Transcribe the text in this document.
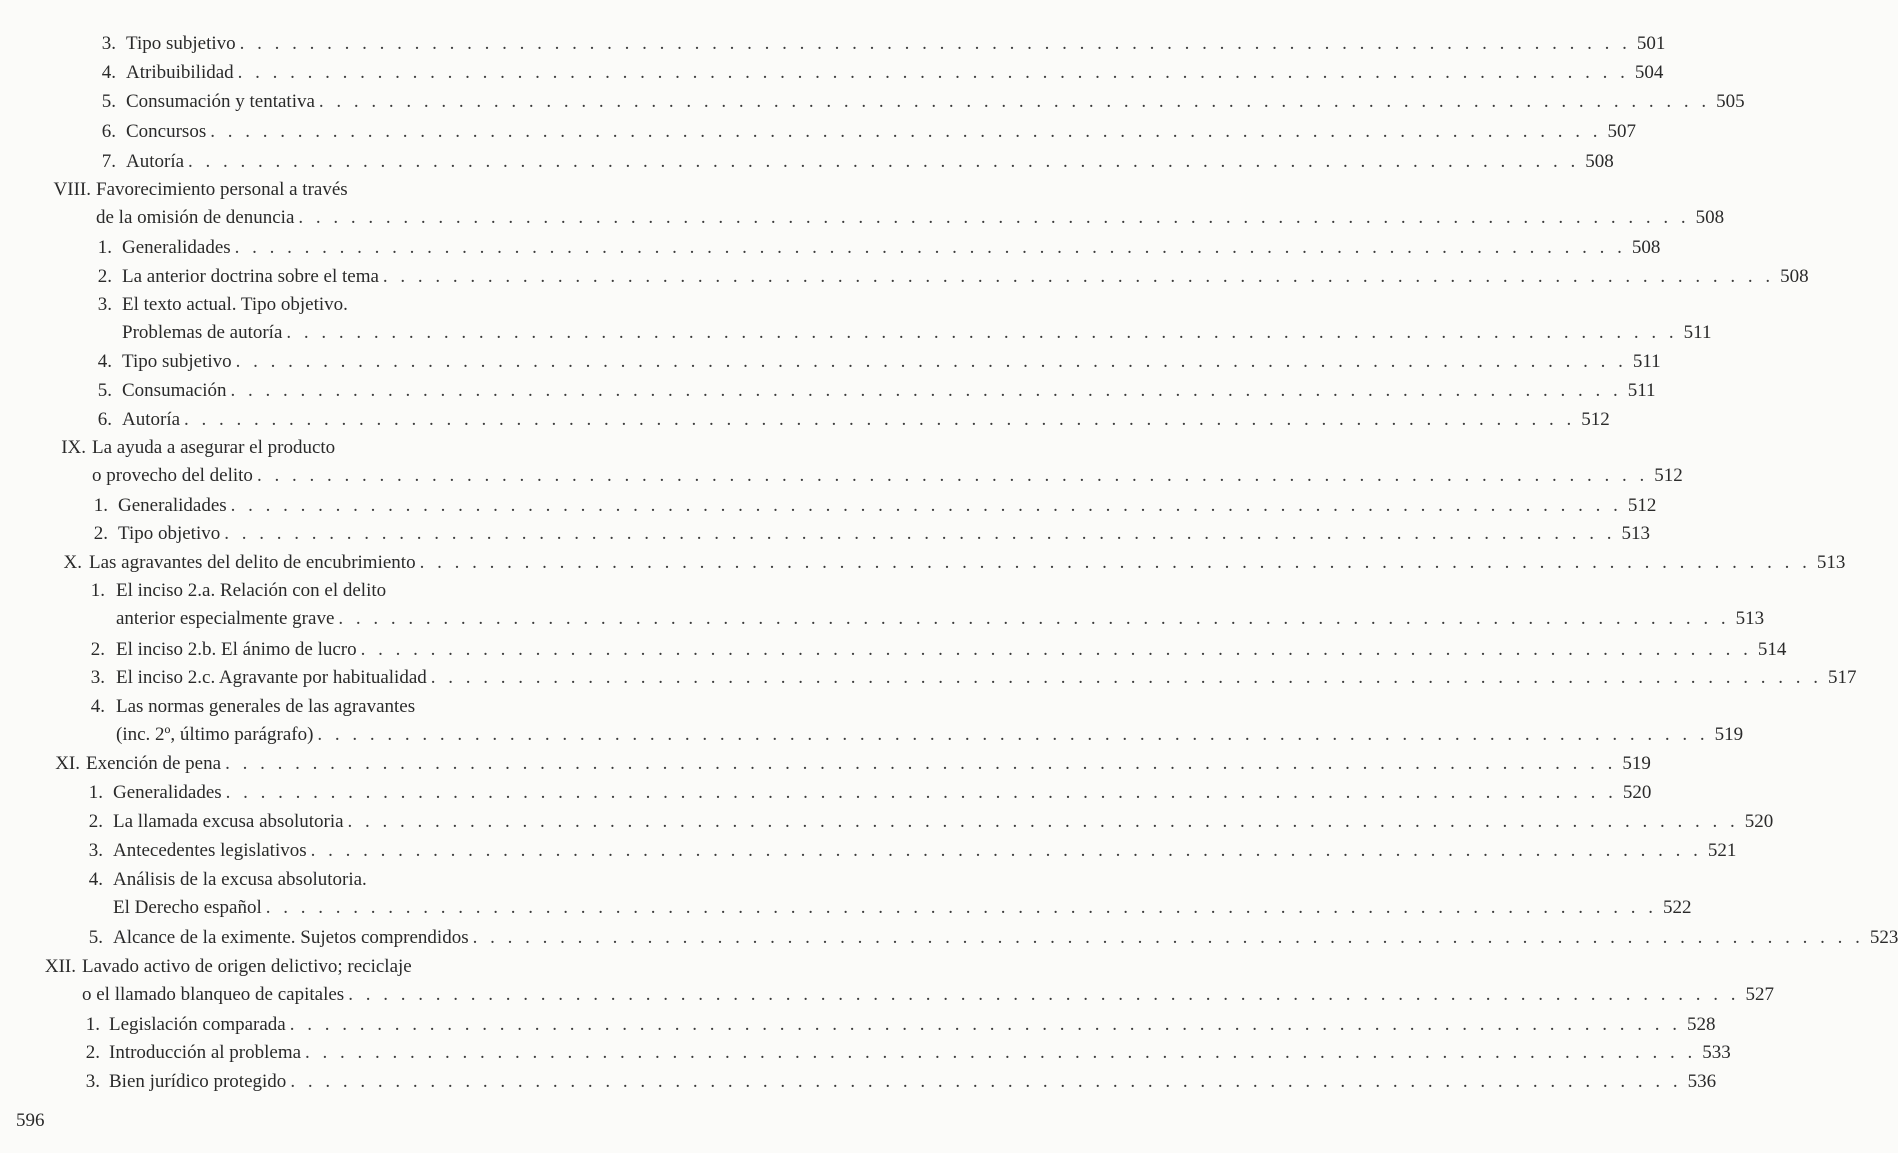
3. Tipo subjetivo . . . . . . . . . . . . . . . . . . . . . . . . . . . . . . . . . . . . . . . . . . . . . . . . . . . . . . . . . . . . . . . . . . . . . . . . . . . . . . . . 501
4. Atribuibilidad . . . . . . . . . . . . . . . . . . . . . . . . . . . . . . . . . . . . . . . . . . . . . . . . . . . . . . . . . . . . . . . . . . . . . . . . . . . . . . . . 504
5. Consumación y tentativa . . . . . . . . . . . . . . . . . . . . . . . . . . . . . . . . . . . . . . . . . . . . . . . . . . . . . . . . . . . . . . . . . . . . . . . . . . . . . . . . 505
6. Concursos . . . . . . . . . . . . . . . . . . . . . . . . . . . . . . . . . . . . . . . . . . . . . . . . . . . . . . . . . . . . . . . . . . . . . . . . . . . . . . . . 507
7. Autoría . . . . . . . . . . . . . . . . . . . . . . . . . . . . . . . . . . . . . . . . . . . . . . . . . . . . . . . . . . . . . . . . . . . . . . . . . . . . . . . . 508
VIII. Favorecimiento personal a través
de la omisión de denuncia . . . . . . . . . . . . . . . . . . . . . . . . . . . . . . . . . . . . . . . . . . . . . . . . . . . . . . . . . . . . . . . . . . . . . . . . . . . . . . . . 508
1. Generalidades . . . . . . . . . . . . . . . . . . . . . . . . . . . . . . . . . . . . . . . . . . . . . . . . . . . . . . . . . . . . . . . . . . . . . . . . . . . . . . . . 508
2. La anterior doctrina sobre el tema . . . . . . . . . . . . . . . . . . . . . . . . . . . . . . . . . . . . . . . . . . . . . . . . . . . . . . . . . . . . . . . . . . . . . . . . . . . . . . . . 508
3. El texto actual. Tipo objetivo.
Problemas de autoría . . . . . . . . . . . . . . . . . . . . . . . . . . . . . . . . . . . . . . . . . . . . . . . . . . . . . . . . . . . . . . . . . . . . . . . . . . . . . . . . 511
4. Tipo subjetivo . . . . . . . . . . . . . . . . . . . . . . . . . . . . . . . . . . . . . . . . . . . . . . . . . . . . . . . . . . . . . . . . . . . . . . . . . . . . . . . . 511
5. Consumación . . . . . . . . . . . . . . . . . . . . . . . . . . . . . . . . . . . . . . . . . . . . . . . . . . . . . . . . . . . . . . . . . . . . . . . . . . . . . . . . 511
6. Autoría . . . . . . . . . . . . . . . . . . . . . . . . . . . . . . . . . . . . . . . . . . . . . . . . . . . . . . . . . . . . . . . . . . . . . . . . . . . . . . . . 512
IX. La ayuda a asegurar el producto
o provecho del delito . . . . . . . . . . . . . . . . . . . . . . . . . . . . . . . . . . . . . . . . . . . . . . . . . . . . . . . . . . . . . . . . . . . . . . . . . . . . . . . . 512
1. Generalidades . . . . . . . . . . . . . . . . . . . . . . . . . . . . . . . . . . . . . . . . . . . . . . . . . . . . . . . . . . . . . . . . . . . . . . . . . . . . . . . . 512
2. Tipo objetivo . . . . . . . . . . . . . . . . . . . . . . . . . . . . . . . . . . . . . . . . . . . . . . . . . . . . . . . . . . . . . . . . . . . . . . . . . . . . . . . . 513
X. Las agravantes del delito de encubrimiento . . . . . . . . . . . . . . . . . . . . . . . . . . . . . . . . . . . . . . . . . . . . . . . . . . . . . . . . . . . . . . . . . . . . . . . . . . . . . . . . 513
1. El inciso 2.a. Relación con el delito
anterior especialmente grave . . . . . . . . . . . . . . . . . . . . . . . . . . . . . . . . . . . . . . . . . . . . . . . . . . . . . . . . . . . . . . . . . . . . . . . . . . . . . . . . 513
2. El inciso 2.b. El ánimo de lucro . . . . . . . . . . . . . . . . . . . . . . . . . . . . . . . . . . . . . . . . . . . . . . . . . . . . . . . . . . . . . . . . . . . . . . . . . . . . . . . . 514
3. El inciso 2.c. Agravante por habitualidad . . . . . . . . . . . . . . . . . . . . . . . . . . . . . . . . . . . . . . . . . . . . . . . . . . . . . . . . . . . . . . . . . . . . . . . . . . . . . . . . 517
4. Las normas generales de las agravantes
(inc. 2º, último parágrafo) . . . . . . . . . . . . . . . . . . . . . . . . . . . . . . . . . . . . . . . . . . . . . . . . . . . . . . . . . . . . . . . . . . . . . . . . . . . . . . . . 519
XI. Exención de pena . . . . . . . . . . . . . . . . . . . . . . . . . . . . . . . . . . . . . . . . . . . . . . . . . . . . . . . . . . . . . . . . . . . . . . . . . . . . . . . . 519
1. Generalidades . . . . . . . . . . . . . . . . . . . . . . . . . . . . . . . . . . . . . . . . . . . . . . . . . . . . . . . . . . . . . . . . . . . . . . . . . . . . . . . . 520
2. La llamada excusa absolutoria . . . . . . . . . . . . . . . . . . . . . . . . . . . . . . . . . . . . . . . . . . . . . . . . . . . . . . . . . . . . . . . . . . . . . . . . . . . . . . . . 520
3. Antecedentes legislativos . . . . . . . . . . . . . . . . . . . . . . . . . . . . . . . . . . . . . . . . . . . . . . . . . . . . . . . . . . . . . . . . . . . . . . . . . . . . . . . . 521
4. Análisis de la excusa absolutoria.
El Derecho español . . . . . . . . . . . . . . . . . . . . . . . . . . . . . . . . . . . . . . . . . . . . . . . . . . . . . . . . . . . . . . . . . . . . . . . . . . . . . . . . 522
5. Alcance de la eximente. Sujetos comprendidos . . . . . . . . . . . . . . . . . . . . . . . . . . . . . . . . . . . . . . . . . . . . . . . . . . . . . . . . . . . . . . . . . . . . . . . . . . . . . . . . 523
XII. Lavado activo de origen delictivo; reciclaje
o el llamado blanqueo de capitales . . . . . . . . . . . . . . . . . . . . . . . . . . . . . . . . . . . . . . . . . . . . . . . . . . . . . . . . . . . . . . . . . . . . . . . . . . . . . . . . 527
1. Legislación comparada . . . . . . . . . . . . . . . . . . . . . . . . . . . . . . . . . . . . . . . . . . . . . . . . . . . . . . . . . . . . . . . . . . . . . . . . . . . . . . . . 528
2. Introducción al problema . . . . . . . . . . . . . . . . . . . . . . . . . . . . . . . . . . . . . . . . . . . . . . . . . . . . . . . . . . . . . . . . . . . . . . . . . . . . . . . . 533
3. Bien jurídico protegido . . . . . . . . . . . . . . . . . . . . . . . . . . . . . . . . . . . . . . . . . . . . . . . . . . . . . . . . . . . . . . . . . . . . . . . . . . . . . . . . 536
596
